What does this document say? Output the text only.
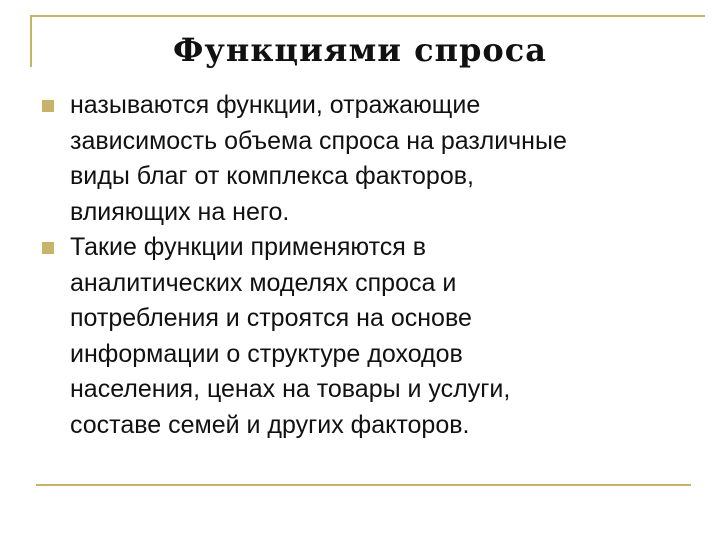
Функциями спроса
называются функции, отражающие
зависимость объема спроса на различные
виды благ от комплекса факторов,
влияющих на него.
Такие функции применяются в
аналитических моделях спроса и
потребления и строятся на основе
информации о структуре доходов
населения, ценах на товары и услуги,
составе семей и других факторов.
